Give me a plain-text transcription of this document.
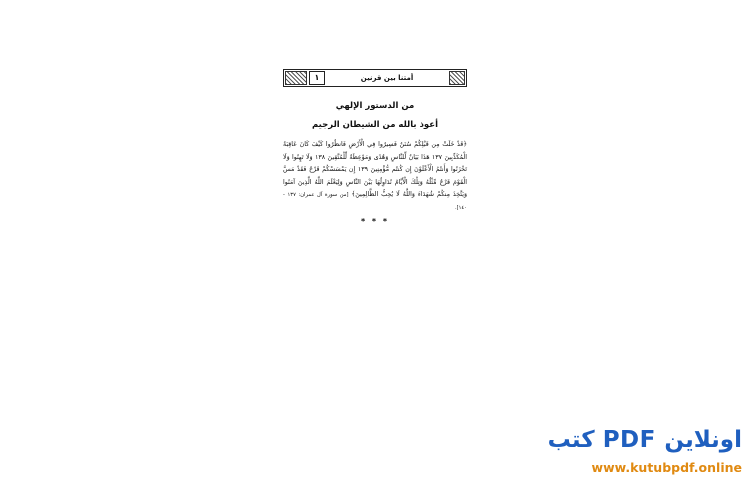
١	أمتنا بين قرنين
من الدستور الإلهي
أعوذ بالله من الشيطان الرجيم
﴿قَدْ خَلَتْ مِن قَبْلِكُمْ سُنَنٌ فَسِيرُوا فِي الْأَرْضِ فَانظُرُوا كَيْفَ كَانَ عَاقِبَةُ الْمُكَذِّبِينَ ١٣٧ هَذَا بَيَانٌ لِّلنَّاسِ وَهُدًى وَمَوْعِظَةٌ لِّلْمُتَّقِينَ ١٣٨ وَلَا تَهِنُوا وَلَا تَحْزَنُوا وَأَنتُمُ الْأَعْلَوْنَ إِن كُنتُم مُّؤْمِنِينَ ١٣٩ إِن يَمْسَسْكُمْ قَرْحٌ فَقَدْ مَسَّ الْقَوْمَ قَرْحٌ مِّثْلُهُ وَتِلْكَ الْأَيَّامُ نُدَاوِلُهَا بَيْنَ النَّاسِ وَلِيَعْلَمَ اللَّهُ الَّذِينَ آمَنُوا وَيَتَّخِذَ مِنكُمْ شُهَدَاءَ وَاللَّهُ لَا يُحِبُّ الظَّالِمِينَ﴾ [من سورة آل عمران: ١٣٧ - ١٤٠].
* * *
كتب PDF اونلاين
www.kutubpdf.online
